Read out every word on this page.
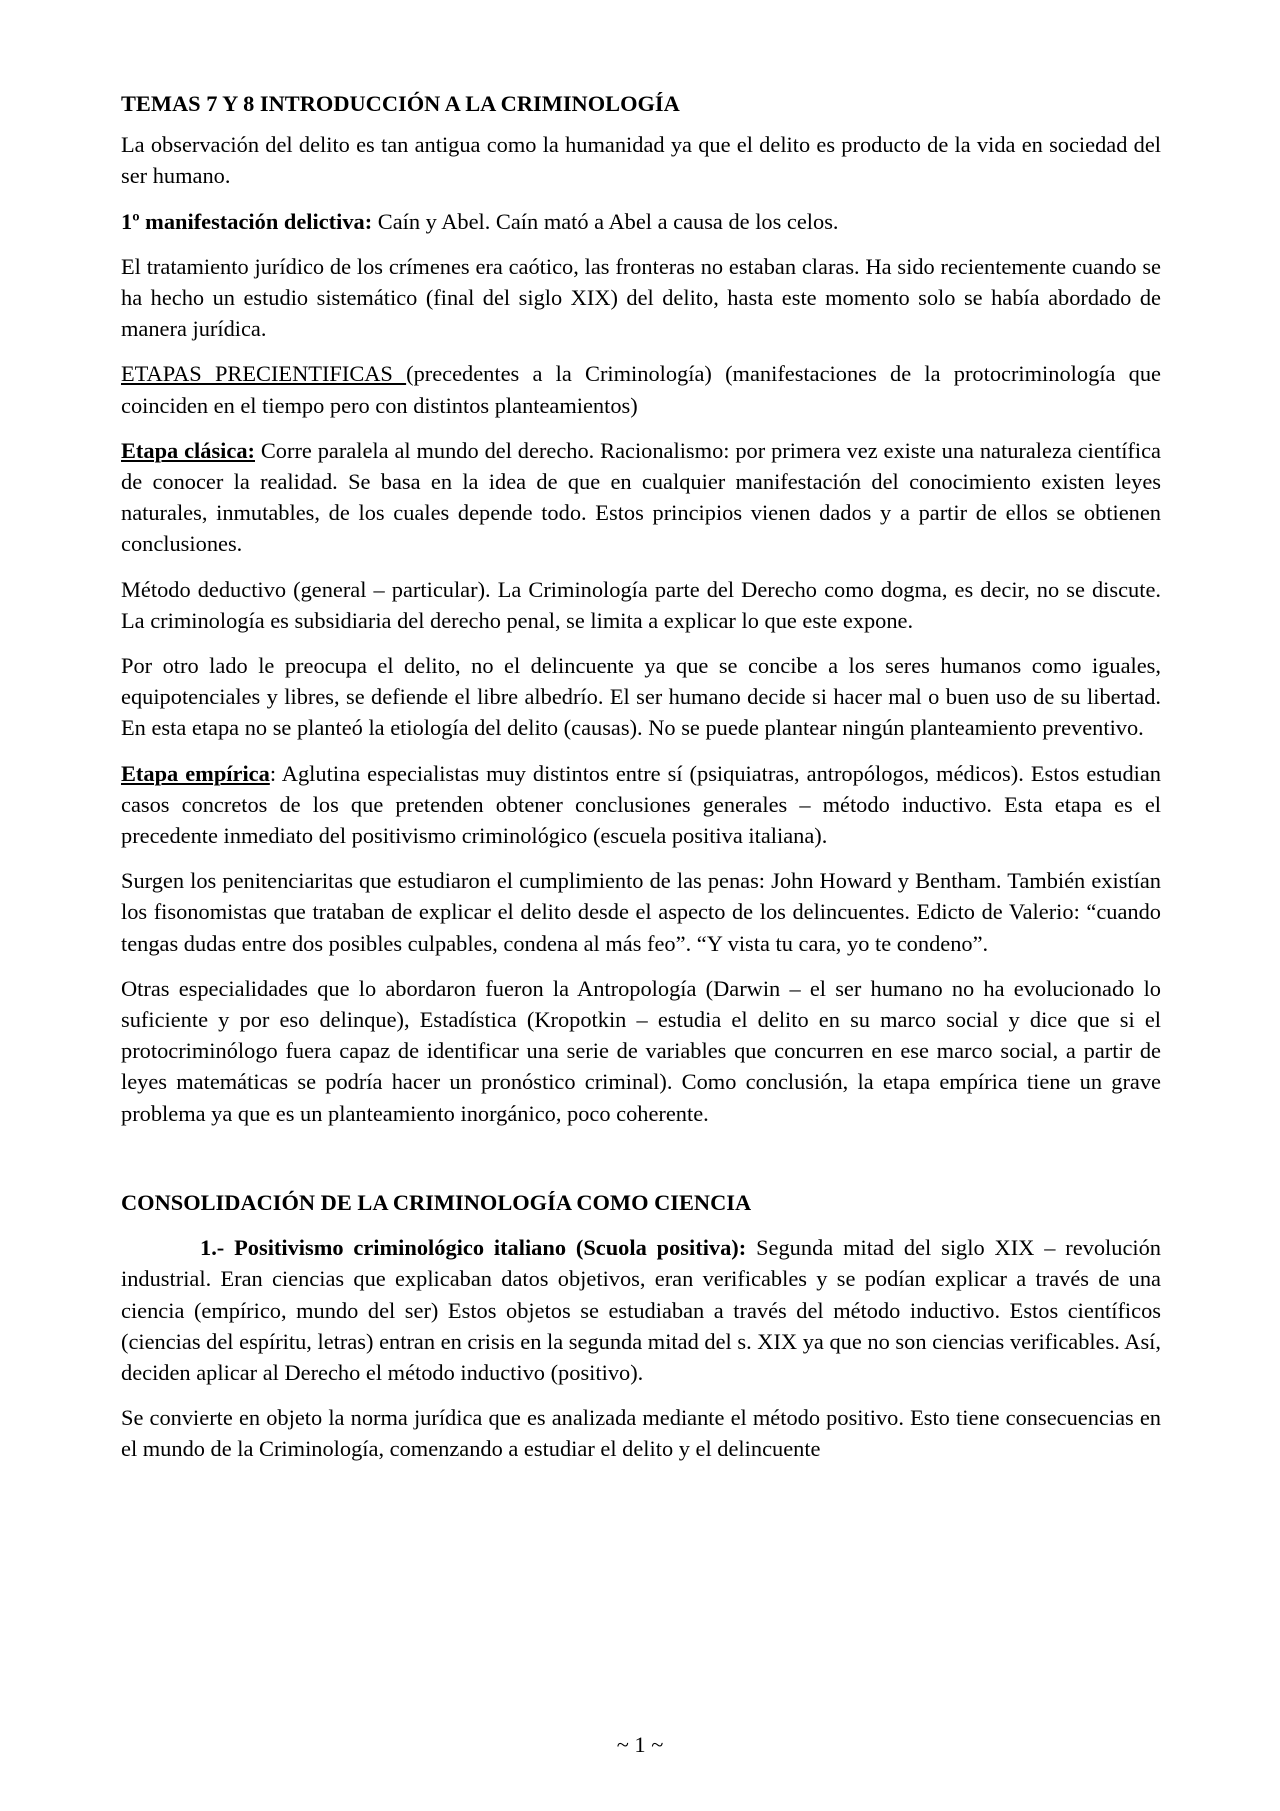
TEMAS 7 Y 8 INTRODUCCIÓN A LA CRIMINOLOGÍA

La observación del delito es tan antigua como la humanidad ya que el delito es producto de la vida en sociedad del ser humano.

1º manifestación delictiva: Caín y Abel. Caín mató a Abel a causa de los celos.

El tratamiento jurídico de los crímenes era caótico, las fronteras no estaban claras. Ha sido recientemente cuando se ha hecho un estudio sistemático (final del siglo XIX) del delito, hasta este momento solo se había abordado de manera jurídica.

ETAPAS PRECIENTIFICAS (precedentes a la Criminología) (manifestaciones de la protocriminología que coinciden en el tiempo pero con distintos planteamientos)

Etapa clásica: Corre paralela al mundo del derecho. Racionalismo: por primera vez existe una naturaleza científica de conocer la realidad. Se basa en la idea de que en cualquier manifestación del conocimiento existen leyes naturales, inmutables, de los cuales depende todo. Estos principios vienen dados y a partir de ellos se obtienen conclusiones.

Método deductivo (general – particular). La Criminología parte del Derecho como dogma, es decir, no se discute. La criminología es subsidiaria del derecho penal, se limita a explicar lo que este expone.

Por otro lado le preocupa el delito, no el delincuente ya que se concibe a los seres humanos como iguales, equipotenciales y libres, se defiende el libre albedrío. El ser humano decide si hacer mal o buen uso de su libertad. En esta etapa no se planteó la etiología del delito (causas). No se puede plantear ningún planteamiento preventivo.

Etapa empírica: Aglutina especialistas muy distintos entre sí (psiquiatras, antropólogos, médicos). Estos estudian casos concretos de los que pretenden obtener conclusiones generales – método inductivo. Esta etapa es el precedente inmediato del positivismo criminológico (escuela positiva italiana).

Surgen los penitenciaritas que estudiaron el cumplimiento de las penas: John Howard y Bentham. También existían los fisonomistas que trataban de explicar el delito desde el aspecto de los delincuentes. Edicto de Valerio: “cuando tengas dudas entre dos posibles culpables, condena al más feo”. “Y vista tu cara, yo te condeno”.

Otras especialidades que lo abordaron fueron la Antropología (Darwin – el ser humano no ha evolucionado lo suficiente y por eso delinque), Estadística (Kropotkin – estudia el delito en su marco social y dice que si el protocriminólogo fuera capaz de identificar una serie de variables que concurren en ese marco social, a partir de leyes matemáticas se podría hacer un pronóstico criminal). Como conclusión, la etapa empírica tiene un grave problema ya que es un planteamiento inorgánico, poco coherente.

CONSOLIDACIÓN DE LA CRIMINOLOGÍA COMO CIENCIA

1.- Positivismo criminológico italiano (Scuola positiva): Segunda mitad del siglo XIX – revolución industrial. Eran ciencias que explicaban datos objetivos, eran verificables y se podían explicar a través de una ciencia (empírico, mundo del ser) Estos objetos se estudiaban a través del método inductivo. Estos científicos (ciencias del espíritu, letras) entran en crisis en la segunda mitad del s. XIX ya que no son ciencias verificables. Así, deciden aplicar al Derecho el método inductivo (positivo).

Se convierte en objeto la norma jurídica que es analizada mediante el método positivo. Esto tiene consecuencias en el mundo de la Criminología, comenzando a estudiar el delito y el delincuente

~ 1 ~
